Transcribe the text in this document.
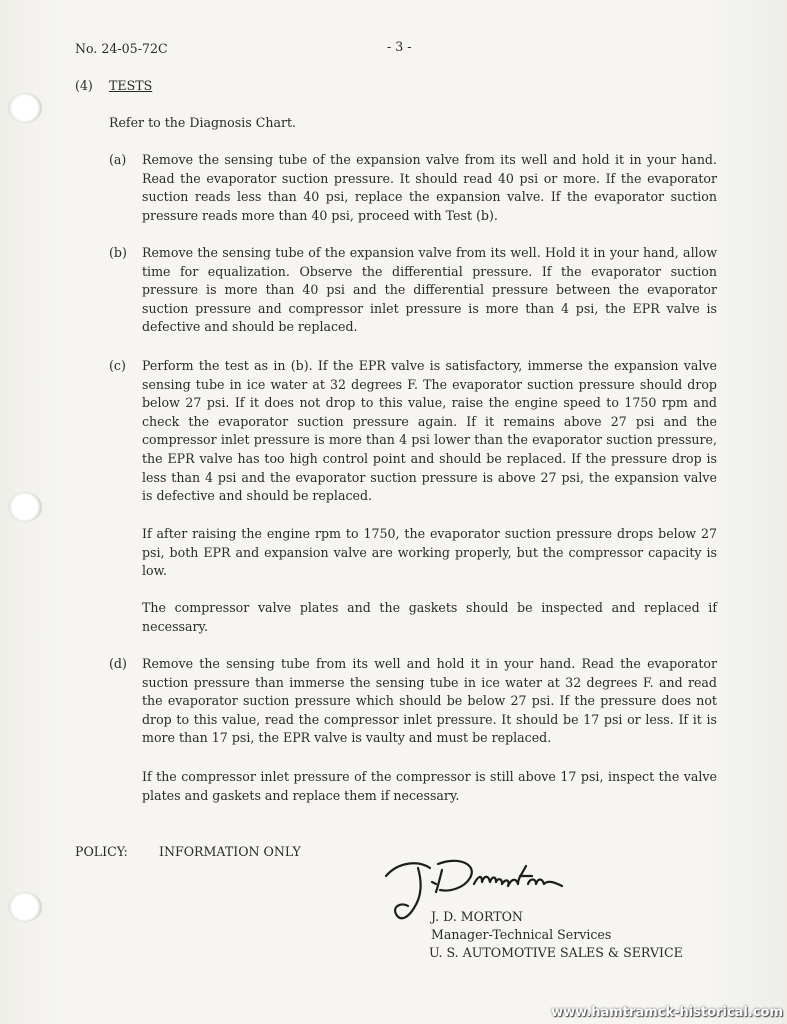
No. 24-05-72C	- 3 -
(4) TESTS
Refer to the Diagnosis Chart.
(a) Remove the sensing tube of the expansion valve from its well and hold it in your hand. Read the evaporator suction pressure. It should read 40 psi or more. If the evaporator suction reads less than 40 psi, replace the expansion valve. If the evaporator suction pressure reads more than 40 psi, proceed with Test (b).
(b) Remove the sensing tube of the expansion valve from its well. Hold it in your hand, allow time for equalization. Observe the differential pressure. If the evaporator suction pressure is more than 40 psi and the differential pressure between the evaporator suction pressure and compressor inlet pressure is more than 4 psi, the EPR valve is defective and should be replaced.
(c) Perform the test as in (b). If the EPR valve is satisfactory, immerse the expansion valve sensing tube in ice water at 32 degrees F. The evaporator suction pressure should drop below 27 psi. If it does not drop to this value, raise the engine speed to 1750 rpm and check the evaporator suction pressure again. If it remains above 27 psi and the compressor inlet pressure is more than 4 psi lower than the evaporator suction pressure, the EPR valve has too high control point and should be replaced. If the pressure drop is less than 4 psi and the evaporator suction pressure is above 27 psi, the expansion valve is defective and should be replaced.
If after raising the engine rpm to 1750, the evaporator suction pressure drops below 27 psi, both EPR and expansion valve are working properly, but the compressor capacity is low.
The compressor valve plates and the gaskets should be inspected and replaced if necessary.
(d) Remove the sensing tube from its well and hold it in your hand. Read the evaporator suction pressure than immerse the sensing tube in ice water at 32 degrees F. and read the evaporator suction pressure which should be below 27 psi. If the pressure does not drop to this value, read the compressor inlet pressure. It should be 17 psi or less. If it is more than 17 psi, the EPR valve is vaulty and must be replaced.
If the compressor inlet pressure of the compressor is still above 17 psi, inspect the valve plates and gaskets and replace them if necessary.
POLICY: INFORMATION ONLY
J. D. MORTON
Manager-Technical Services
U. S. AUTOMOTIVE SALES & SERVICE
www.hamtramck-historical.com
